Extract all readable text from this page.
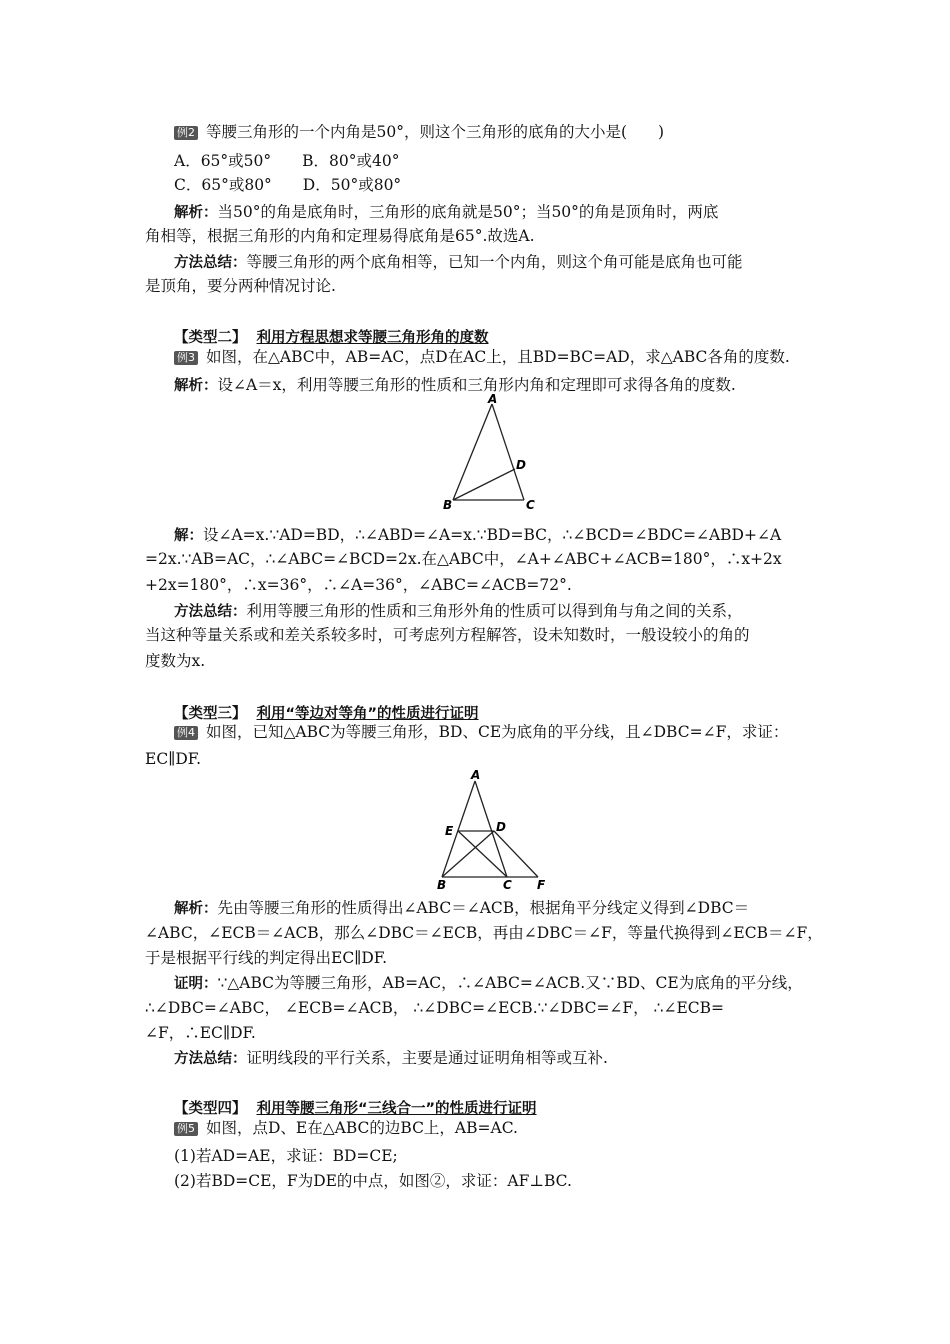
例2 等腰三角形的一个内角是50°，则这个三角形的底角的大小是(　　)
A．65°或50°　　B．80°或40°
C．65°或80°　　D．50°或80°
解析：当50°的角是底角时，三角形的底角就是50°；当50°的角是顶角时，两底
角相等，根据三角形的内角和定理易得底角是65°.故选A.
方法总结：等腰三角形的两个底角相等，已知一个内角，则这个角可能是底角也可能
是顶角，要分两种情况讨论.
【类型二】 利用方程思想求等腰三角形角的度数
例3 如图，在△ABC中，AB=AC，点D在AC上，且BD=BC=AD，求△ABC各角的度数.
解析：设∠A＝x，利用等腰三角形的性质和三角形内角和定理即可求得各角的度数.
A
B	C
D
解：设∠A=x.∵AD=BD，∴∠ABD=∠A=x.∵BD=BC，∴∠BCD=∠BDC=∠ABD+∠A
=2x.∵AB=AC，∴∠ABC=∠BCD=2x.在△ABC中，∠A+∠ABC+∠ACB=180°，∴x+2x
+2x=180°，∴x=36°，∴∠A=36°，∠ABC=∠ACB=72°.
方法总结：利用等腰三角形的性质和三角形外角的性质可以得到角与角之间的关系，
当这种等量关系或和差关系较多时，可考虑列方程解答，设未知数时，一般设较小的角的
度数为x.
【类型三】 利用“等边对等角”的性质进行证明
例4 如图，已知△ABC为等腰三角形，BD、CE为底角的平分线，且∠DBC=∠F，求证：
EC∥DF.
A
E	D
B	C F
解析：先由等腰三角形的性质得出∠ABC＝∠ACB，根据角平分线定义得到∠DBC＝
∠ABC，∠ECB＝∠ACB，那么∠DBC＝∠ECB，再由∠DBC＝∠F，等量代换得到∠ECB＝∠F，
于是根据平行线的判定得出EC∥DF.
证明：∵△ABC为等腰三角形，AB=AC，∴∠ABC=∠ACB.又∵BD、CE为底角的平分线，
∴∠DBC=∠ABC， ∠ECB=∠ACB， ∴∠DBC=∠ECB.∵∠DBC=∠F， ∴∠ECB=
∠F，∴EC∥DF.
方法总结：证明线段的平行关系，主要是通过证明角相等或互补.
【类型四】 利用等腰三角形“三线合一”的性质进行证明
例5 如图，点D、E在△ABC的边BC上，AB=AC.
(1)若AD=AE，求证：BD=CE;
(2)若BD=CE，F为DE的中点，如图②，求证：AF⊥BC.
